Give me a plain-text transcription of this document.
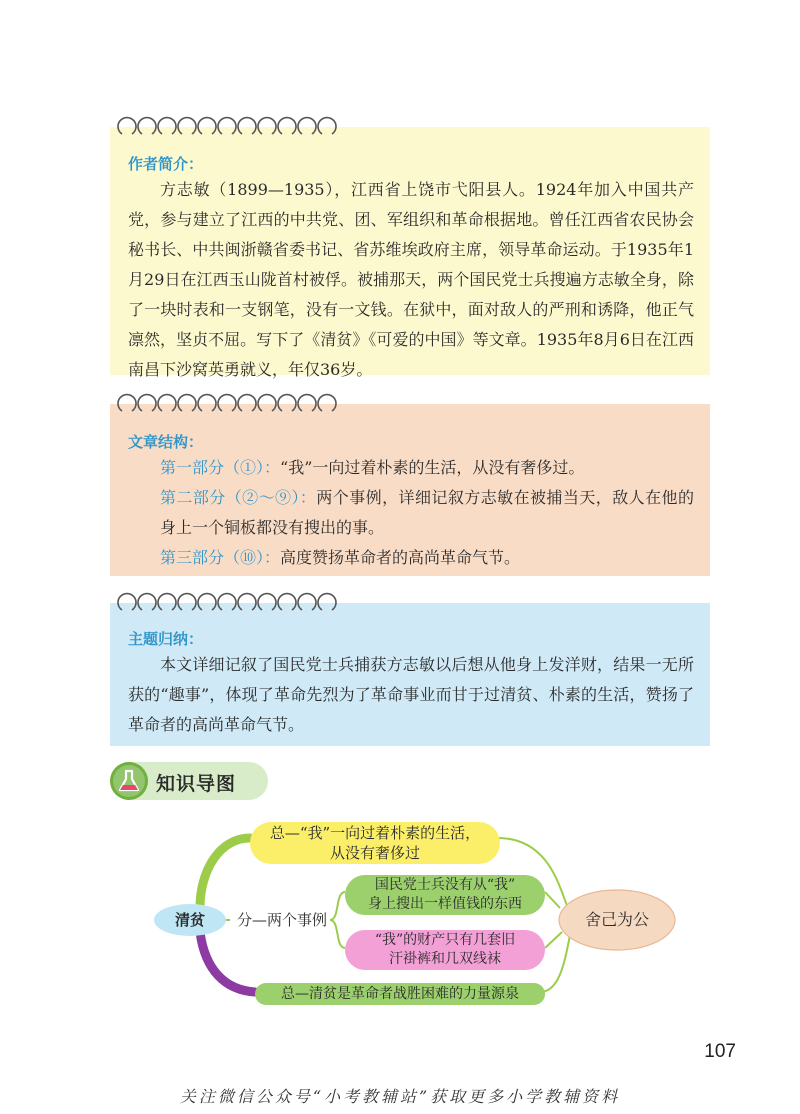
作者简介：
方志敏（1899—1935），江西省上饶市弋阳县人。1924年加入中国共产党，参与建立了江西的中共党、团、军组织和革命根据地。曾任江西省农民协会秘书长、中共闽浙赣省委书记、省苏维埃政府主席，领导革命运动。于1935年1月29日在江西玉山陇首村被俘。被捕那天，两个国民党士兵搜遍方志敏全身，除了一块时表和一支钢笔，没有一文钱。在狱中，面对敌人的严刑和诱降，他正气凛然，坚贞不屈。写下了《清贫》《可爱的中国》等文章。1935年8月6日在江西南昌下沙窝英勇就义，年仅36岁。
文章结构：
第一部分（①）：“我”一向过着朴素的生活，从没有奢侈过。
第二部分（②～⑨）：两个事例，详细记叙方志敏在被捕当天，敌人在他的身上一个铜板都没有搜出的事。
第三部分（⑩）：高度赞扬革命者的高尚革命气节。
主题归纳：
本文详细记叙了国民党士兵捕获方志敏以后想从他身上发洋财，结果一无所获的“趣事”，体现了革命先烈为了革命事业而甘于过清贫、朴素的生活，赞扬了革命者的高尚革命气节。
知识导图
清贫
总—“我”一向过着朴素的生活，
从没有奢侈过
分—两个事例
国民党士兵没有从“我”
身上搜出一样值钱的东西
“我”的财产只有几套旧
汗褂裤和几双线袜
总—清贫是革命者战胜困难的力量源泉
舍己为公
107
关注微信公众号“小考教辅站”获取更多小学教辅资料
